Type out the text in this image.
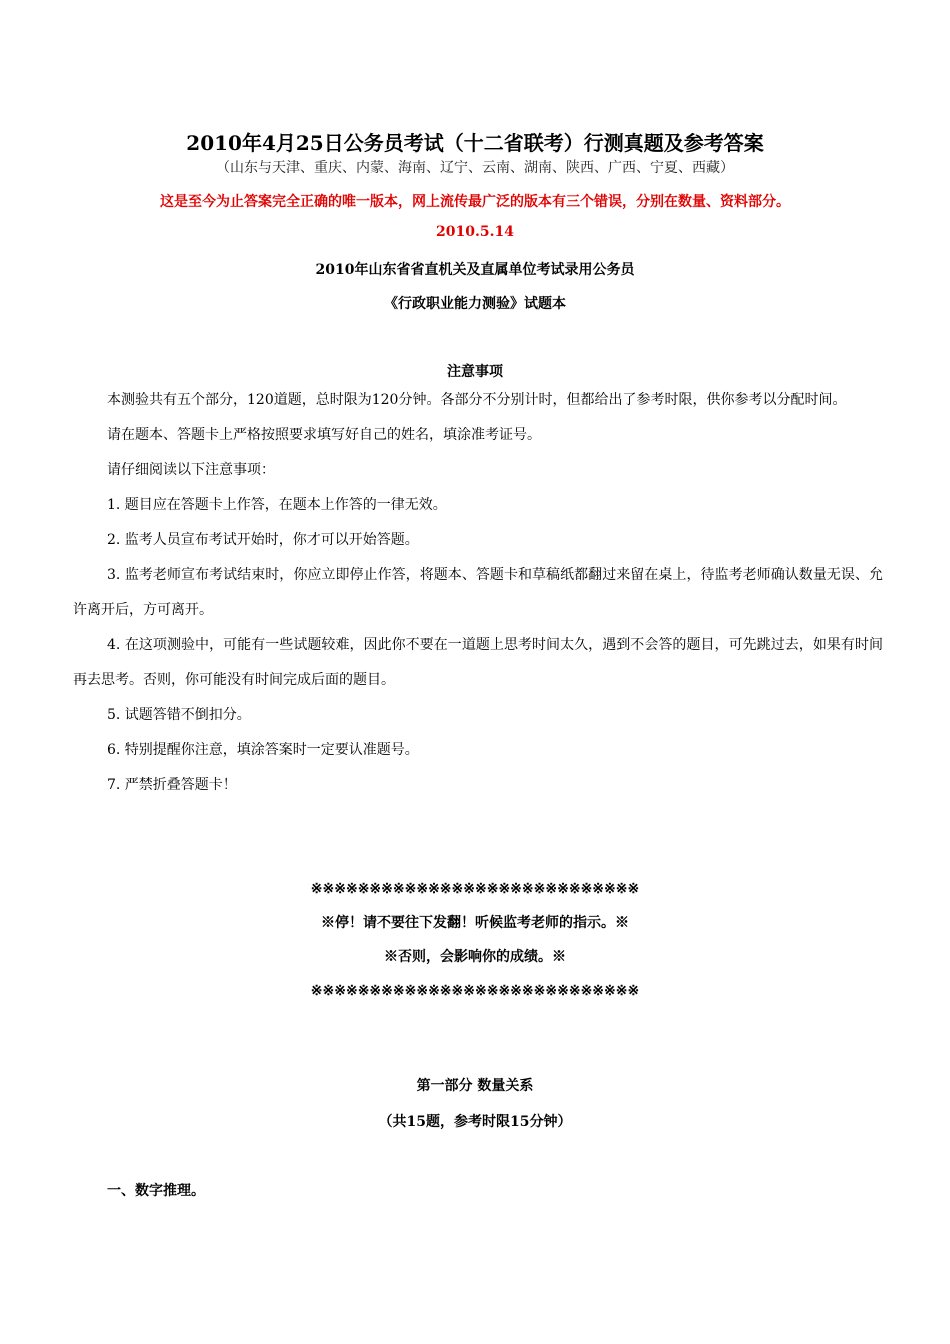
2010年4月25日公务员考试（十二省联考）行测真题及参考答案
（山东与天津、重庆、内蒙、海南、辽宁、云南、湖南、陕西、广西、宁夏、西藏）
这是至今为止答案完全正确的唯一版本，网上流传最广泛的版本有三个错误，分别在数量、资料部分。
2010.5.14
2010年山东省省直机关及直属单位考试录用公务员
《行政职业能力测验》试题本
注意事项

本测验共有五个部分，120道题，总时限为120分钟。各部分不分别计时，但都给出了参考时限，供你参考以分配时间。

请在题本、答题卡上严格按照要求填写好自己的姓名，填涂准考证号。

请仔细阅读以下注意事项：

1. 题目应在答题卡上作答，在题本上作答的一律无效。

2. 监考人员宣布考试开始时，你才可以开始答题。

3. 监考老师宣布考试结束时，你应立即停止作答，将题本、答题卡和草稿纸都翻过来留在桌上，待监考老师确认数量无误、允许离开后，方可离开。

4. 在这项测验中，可能有一些试题较难，因此你不要在一道题上思考时间太久，遇到不会答的题目，可先跳过去，如果有时间再去思考。否则，你可能没有时间完成后面的题目。

5. 试题答错不倒扣分。

6. 特别提醒你注意，填涂答案时一定要认准题号。

7. 严禁折叠答题卡！

※※※※※※※※※※※※※※※※※※※※※※※※※※※※
※停！请不要往下发翻！听候监考老师的指示。※
※否则，会影响你的成绩。※
※※※※※※※※※※※※※※※※※※※※※※※※※※※※
第一部分 数量关系
（共15题，参考时限15分钟）
一、数字推理。
